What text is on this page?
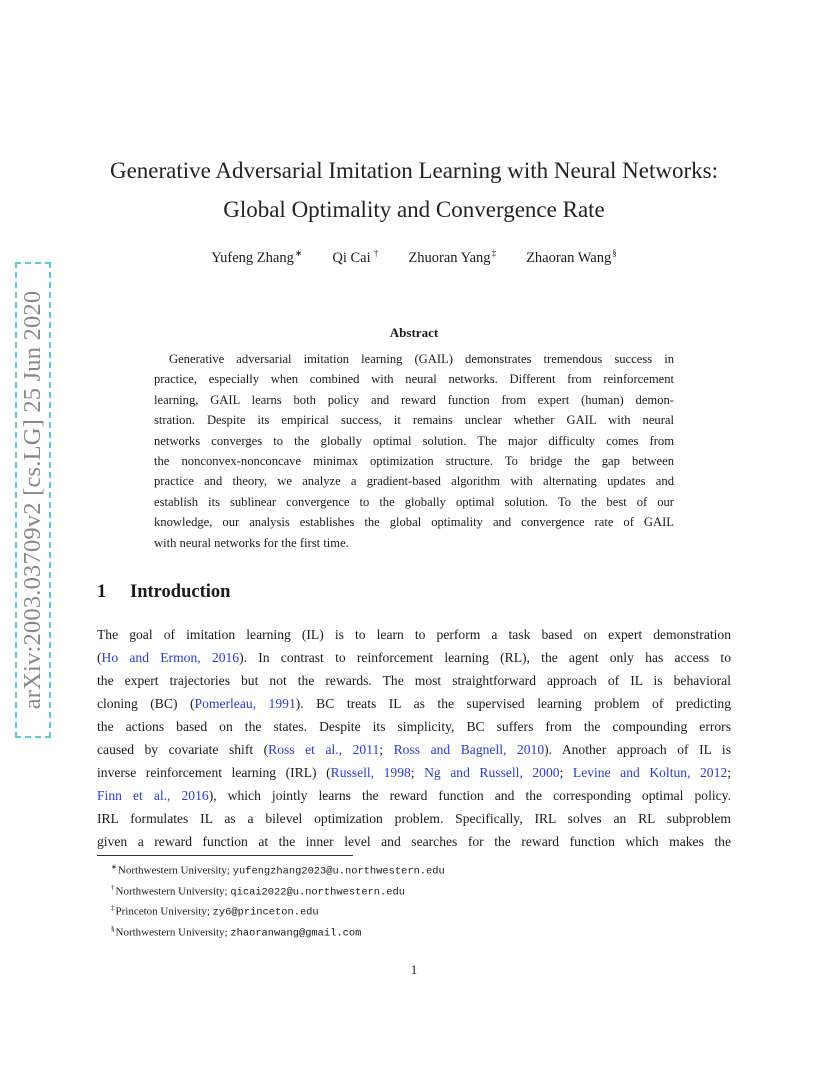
arXiv:2003.03709v2 [cs.LG] 25 Jun 2020
Generative Adversarial Imitation Learning with Neural Networks:
Global Optimality and Convergence Rate
Yufeng Zhang∗ Qi Cai † Zhuoran Yang‡ Zhaoran Wang§
Abstract
Generative adversarial imitation learning (GAIL) demonstrates tremendous success in
practice, especially when combined with neural networks. Different from reinforcement
learning, GAIL learns both policy and reward function from expert (human) demon-
stration. Despite its empirical success, it remains unclear whether GAIL with neural
networks converges to the globally optimal solution. The major difficulty comes from
the nonconvex-nonconcave minimax optimization structure. To bridge the gap between
practice and theory, we analyze a gradient-based algorithm with alternating updates and
establish its sublinear convergence to the globally optimal solution. To the best of our
knowledge, our analysis establishes the global optimality and convergence rate of GAIL
with neural networks for the first time.
1 Introduction
The goal of imitation learning (IL) is to learn to perform a task based on expert demonstration
(Ho and Ermon, 2016). In contrast to reinforcement learning (RL), the agent only has access to
the expert trajectories but not the rewards. The most straightforward approach of IL is behavioral
cloning (BC) (Pomerleau, 1991). BC treats IL as the supervised learning problem of predicting
the actions based on the states. Despite its simplicity, BC suffers from the compounding errors
caused by covariate shift (Ross et al., 2011; Ross and Bagnell, 2010). Another approach of IL is
inverse reinforcement learning (IRL) (Russell, 1998; Ng and Russell, 2000; Levine and Koltun, 2012;
Finn et al., 2016), which jointly learns the reward function and the corresponding optimal policy.
IRL formulates IL as a bilevel optimization problem. Specifically, IRL solves an RL subproblem
given a reward function at the inner level and searches for the reward function which makes the
∗Northwestern University; yufengzhang2023@u.northwestern.edu
†Northwestern University; qicai2022@u.northwestern.edu
‡Princeton University; zy6@princeton.edu
§Northwestern University; zhaoranwang@gmail.com
1
